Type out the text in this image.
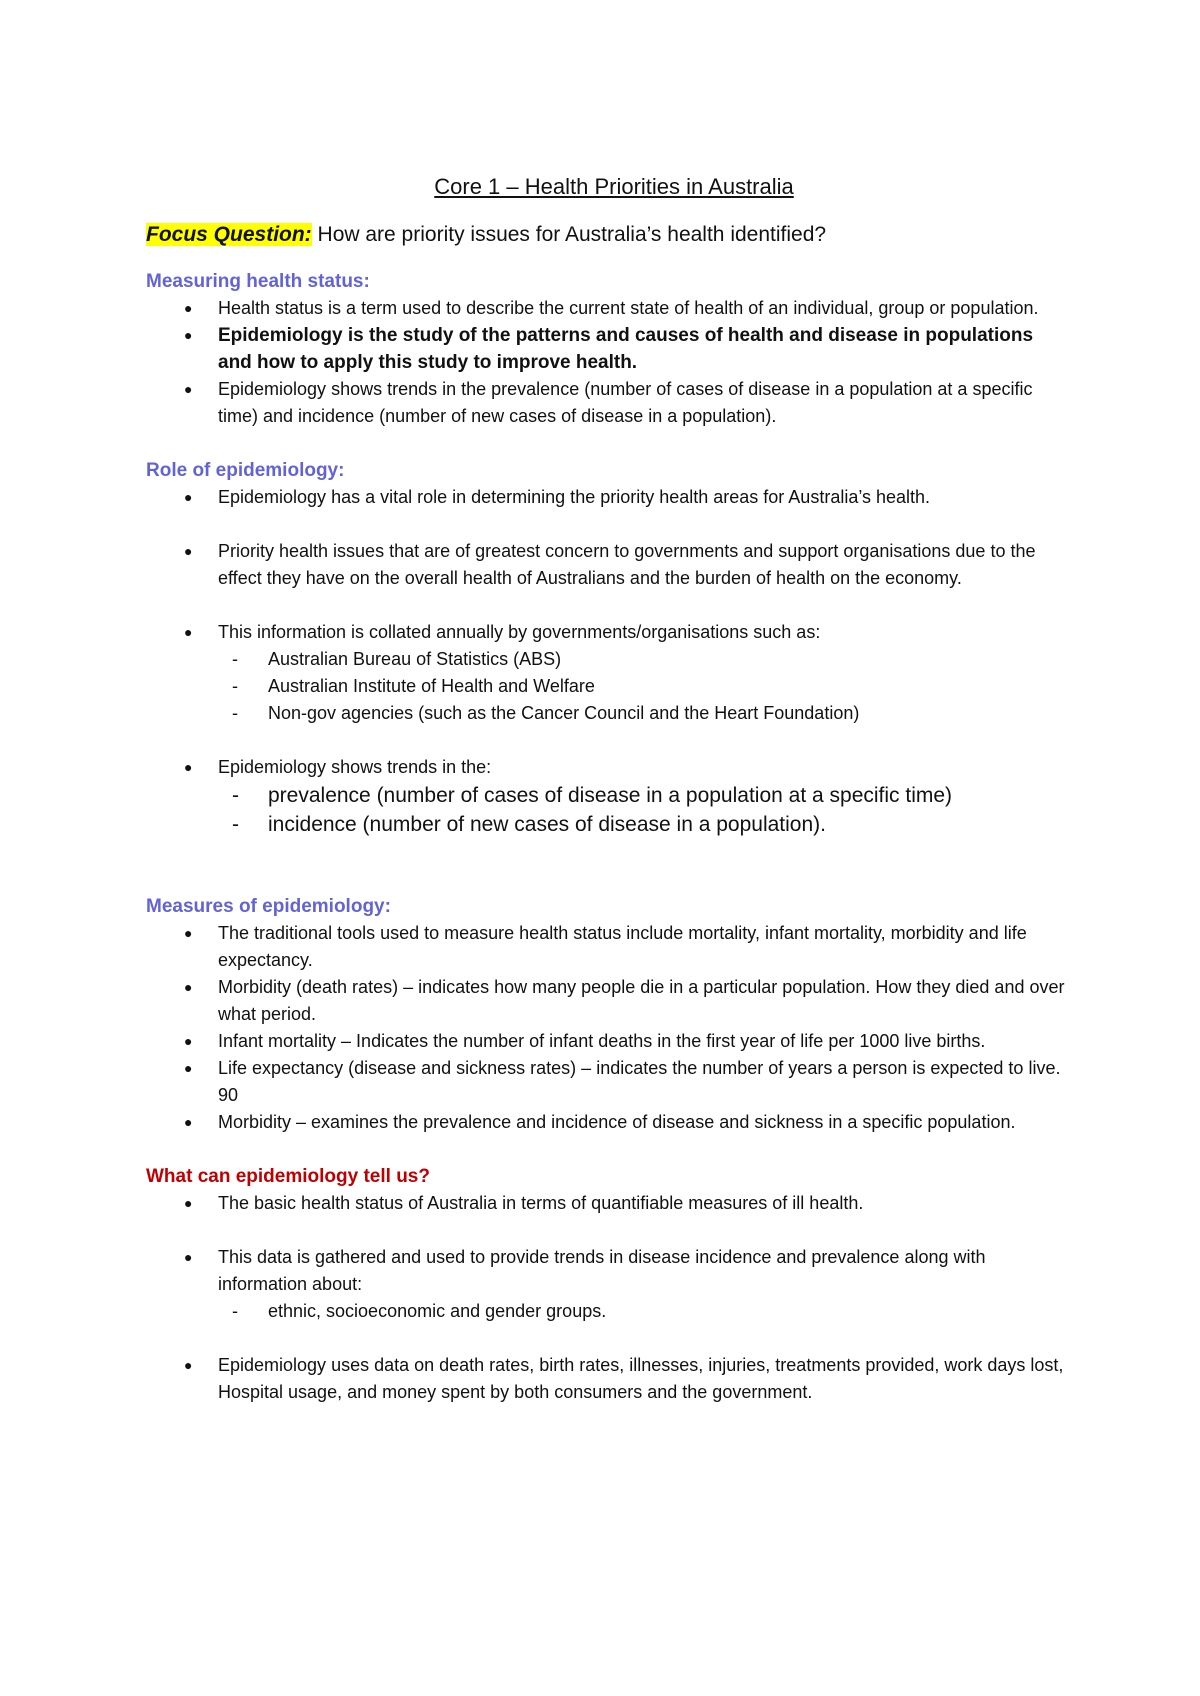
Core 1 – Health Priorities in Australia
Focus Question: How are priority issues for Australia’s health identified?
Measuring health status:
● Health status is a term used to describe the current state of health of an individual, group or population.
● Epidemiology is the study of the patterns and causes of health and disease in populations and how to apply this study to improve health.
● Epidemiology shows trends in the prevalence (number of cases of disease in a population at a specific time) and incidence (number of new cases of disease in a population).
Role of epidemiology:
● Epidemiology has a vital role in determining the priority health areas for Australia’s health.
● Priority health issues that are of greatest concern to governments and support organisations due to the effect they have on the overall health of Australians and the burden of health on the economy.
● This information is collated annually by governments/organisations such as:
- Australian Bureau of Statistics (ABS)
- Australian Institute of Health and Welfare
- Non-gov agencies (such as the Cancer Council and the Heart Foundation)
● Epidemiology shows trends in the:
- prevalence (number of cases of disease in a population at a specific time)
- incidence (number of new cases of disease in a population).
Measures of epidemiology:
● The traditional tools used to measure health status include mortality, infant mortality, morbidity and life expectancy.
● Morbidity (death rates) – indicates how many people die in a particular population. How they died and over what period.
● Infant mortality – Indicates the number of infant deaths in the first year of life per 1000 live births.
● Life expectancy (disease and sickness rates) – indicates the number of years a person is expected to live. 90
● Morbidity – examines the prevalence and incidence of disease and sickness in a specific population.
What can epidemiology tell us?
● The basic health status of Australia in terms of quantifiable measures of ill health.
● This data is gathered and used to provide trends in disease incidence and prevalence along with information about:
- ethnic, socioeconomic and gender groups.
● Epidemiology uses data on death rates, birth rates, illnesses, injuries, treatments provided, work days lost, Hospital usage, and money spent by both consumers and the government.
